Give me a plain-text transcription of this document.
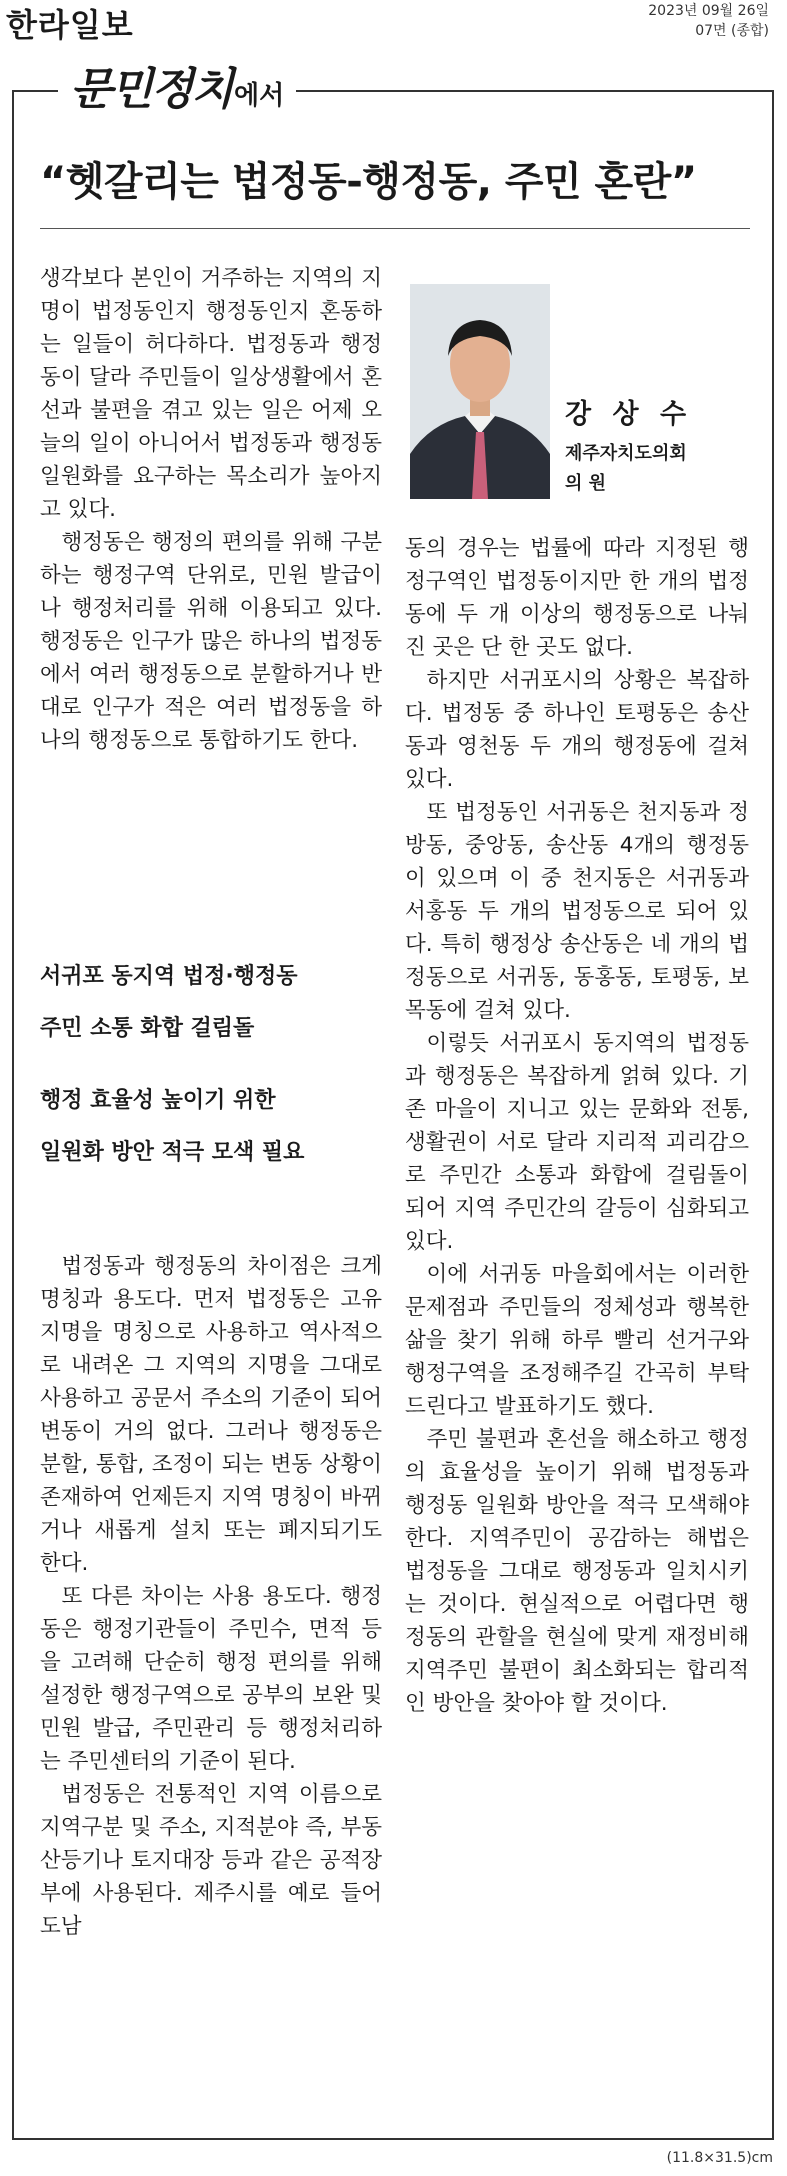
한라일보	2023년 09월 26일
07면 (종합)
문민정치에서
“헷갈리는 법정동-행정동, 주민 혼란”

생각보다 본인이 거주하는 지역의 지명이 법정동인지 행정동인지 혼동하는 일들이 허다하다. 법정동과 행정동이 달라 주민들이 일상생활에서 혼선과 불편을 겪고 있는 일은 어제 오늘의 일이 아니어서 법정동과 행정동 일원화를 요구하는 목소리가 높아지고 있다.

행정동은 행정의 편의를 위해 구분하는 행정구역 단위로, 민원 발급이나 행정처리를 위해 이용되고 있다. 행정동은 인구가 많은 하나의 법정동에서 여러 행정동으로 분할하거나 반대로 인구가 적은 여러 법정동을 하나의 행정동으로 통합하기도 한다.

서귀포 동지역 법정·행정동
주민 소통 화합 걸림돌
행정 효율성 높이기 위한
일원화 방안 적극 모색 필요

법정동과 행정동의 차이점은 크게 명칭과 용도다. 먼저 법정동은 고유지명을 명칭으로 사용하고 역사적으로 내려온 그 지역의 지명을 그대로 사용하고 공문서 주소의 기준이 되어 변동이 거의 없다. 그러나 행정동은 분할, 통합, 조정이 되는 변동 상황이 존재하여 언제든지 지역 명칭이 바뀌거나 새롭게 설치 또는 폐지되기도 한다.

또 다른 차이는 사용 용도다. 행정동은 행정기관들이 주민수, 면적 등을 고려해 단순히 행정 편의를 위해 설정한 행정구역으로 공부의 보완 및 민원 발급, 주민관리 등 행정처리하는 주민센터의 기준이 된다.

법정동은 전통적인 지역 이름으로 지역구분 및 주소, 지적분야 즉, 부동산등기나 토지대장 등과 같은 공적장부에 사용된다. 제주시를 예로 들어 도남

강 상 수
제주자치도의회
의 원

동의 경우는 법률에 따라 지정된 행정구역인 법정동이지만 한 개의 법정동에 두 개 이상의 행정동으로 나눠진 곳은 단 한 곳도 없다.

하지만 서귀포시의 상황은 복잡하다. 법정동 중 하나인 토평동은 송산동과 영천동 두 개의 행정동에 걸쳐 있다.

또 법정동인 서귀동은 천지동과 정방동, 중앙동, 송산동 4개의 행정동이 있으며 이 중 천지동은 서귀동과 서홍동 두 개의 법정동으로 되어 있다. 특히 행정상 송산동은 네 개의 법정동으로 서귀동, 동홍동, 토평동, 보목동에 걸쳐 있다.

이렇듯 서귀포시 동지역의 법정동과 행정동은 복잡하게 얽혀 있다. 기존 마을이 지니고 있는 문화와 전통, 생활권이 서로 달라 지리적 괴리감으로 주민간 소통과 화합에 걸림돌이 되어 지역 주민간의 갈등이 심화되고 있다.

이에 서귀동 마을회에서는 이러한 문제점과 주민들의 정체성과 행복한 삶을 찾기 위해 하루 빨리 선거구와 행정구역을 조정해주길 간곡히 부탁드린다고 발표하기도 했다.

주민 불편과 혼선을 해소하고 행정의 효율성을 높이기 위해 법정동과 행정동 일원화 방안을 적극 모색해야 한다. 지역주민이 공감하는 해법은 법정동을 그대로 행정동과 일치시키는 것이다. 현실적으로 어렵다면 행정동의 관할을 현실에 맞게 재정비해 지역주민 불편이 최소화되는 합리적인 방안을 찾아야 할 것이다.

(11.8×31.5)cm
